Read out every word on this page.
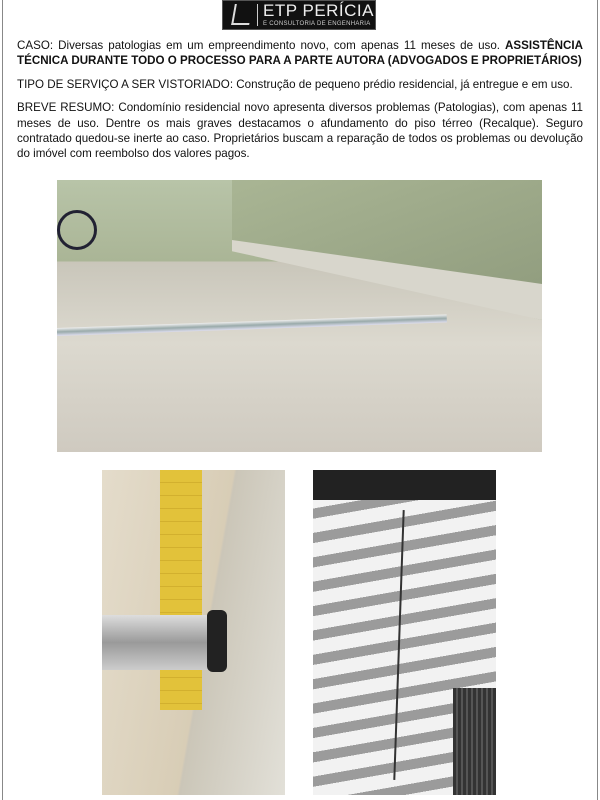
ETP PERÍCIA
E CONSULTORIA DE ENGENHARIA

CASO: Diversas patologias em um empreendimento novo, com apenas 11 meses de uso. ASSISTÊNCIA TÉCNICA DURANTE TODO O PROCESSO PARA A PARTE AUTORA (ADVOGADOS E PROPRIETÁRIOS)

TIPO DE SERVIÇO A SER VISTORIADO: Construção de pequeno prédio residencial, já entregue e em uso.

BREVE RESUMO: Condomínio residencial novo apresenta diversos problemas (Patologias), com apenas 11 meses de uso. Dentre os mais graves destacamos o afundamento do piso térreo (Recalque). Seguro contratado quedou-se inerte ao caso. Proprietários buscam a reparação de todos os problemas ou devolução do imóvel com reembolso dos valores pagos.
